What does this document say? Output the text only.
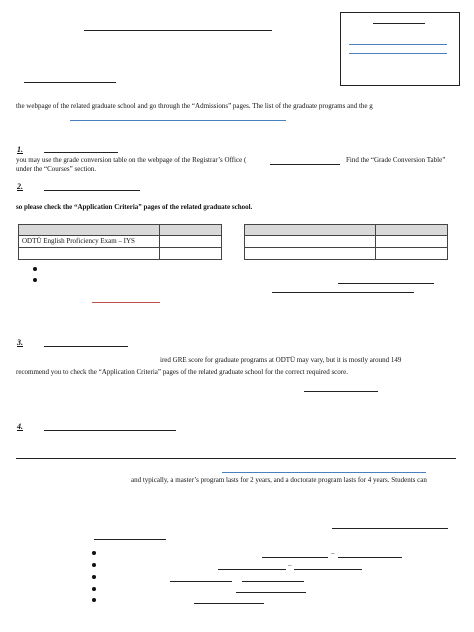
the webpage of the related graduate school and go through the “Admissions” pages. The list of the graduate programs and the g
1.
you may use the grade conversion table on the webpage of the Registrar’s Office (	Find the “Grade Conversion Table”
under the “Courses” section.
2.
so please check the “Application Criteria” pages of the related graduate school.

ODTÜ English Proficiency Exam – IYS	

3.
ired GRE score for graduate programs at ODTÜ may vary, but it is mostly around 149
recommend you to check the “Application Criteria” pages of the related graduate school for the correct required score.
4.
and typically, a master’s program lasts for 2 years, and a doctorate program lasts for 4 years. Students can
–
–
